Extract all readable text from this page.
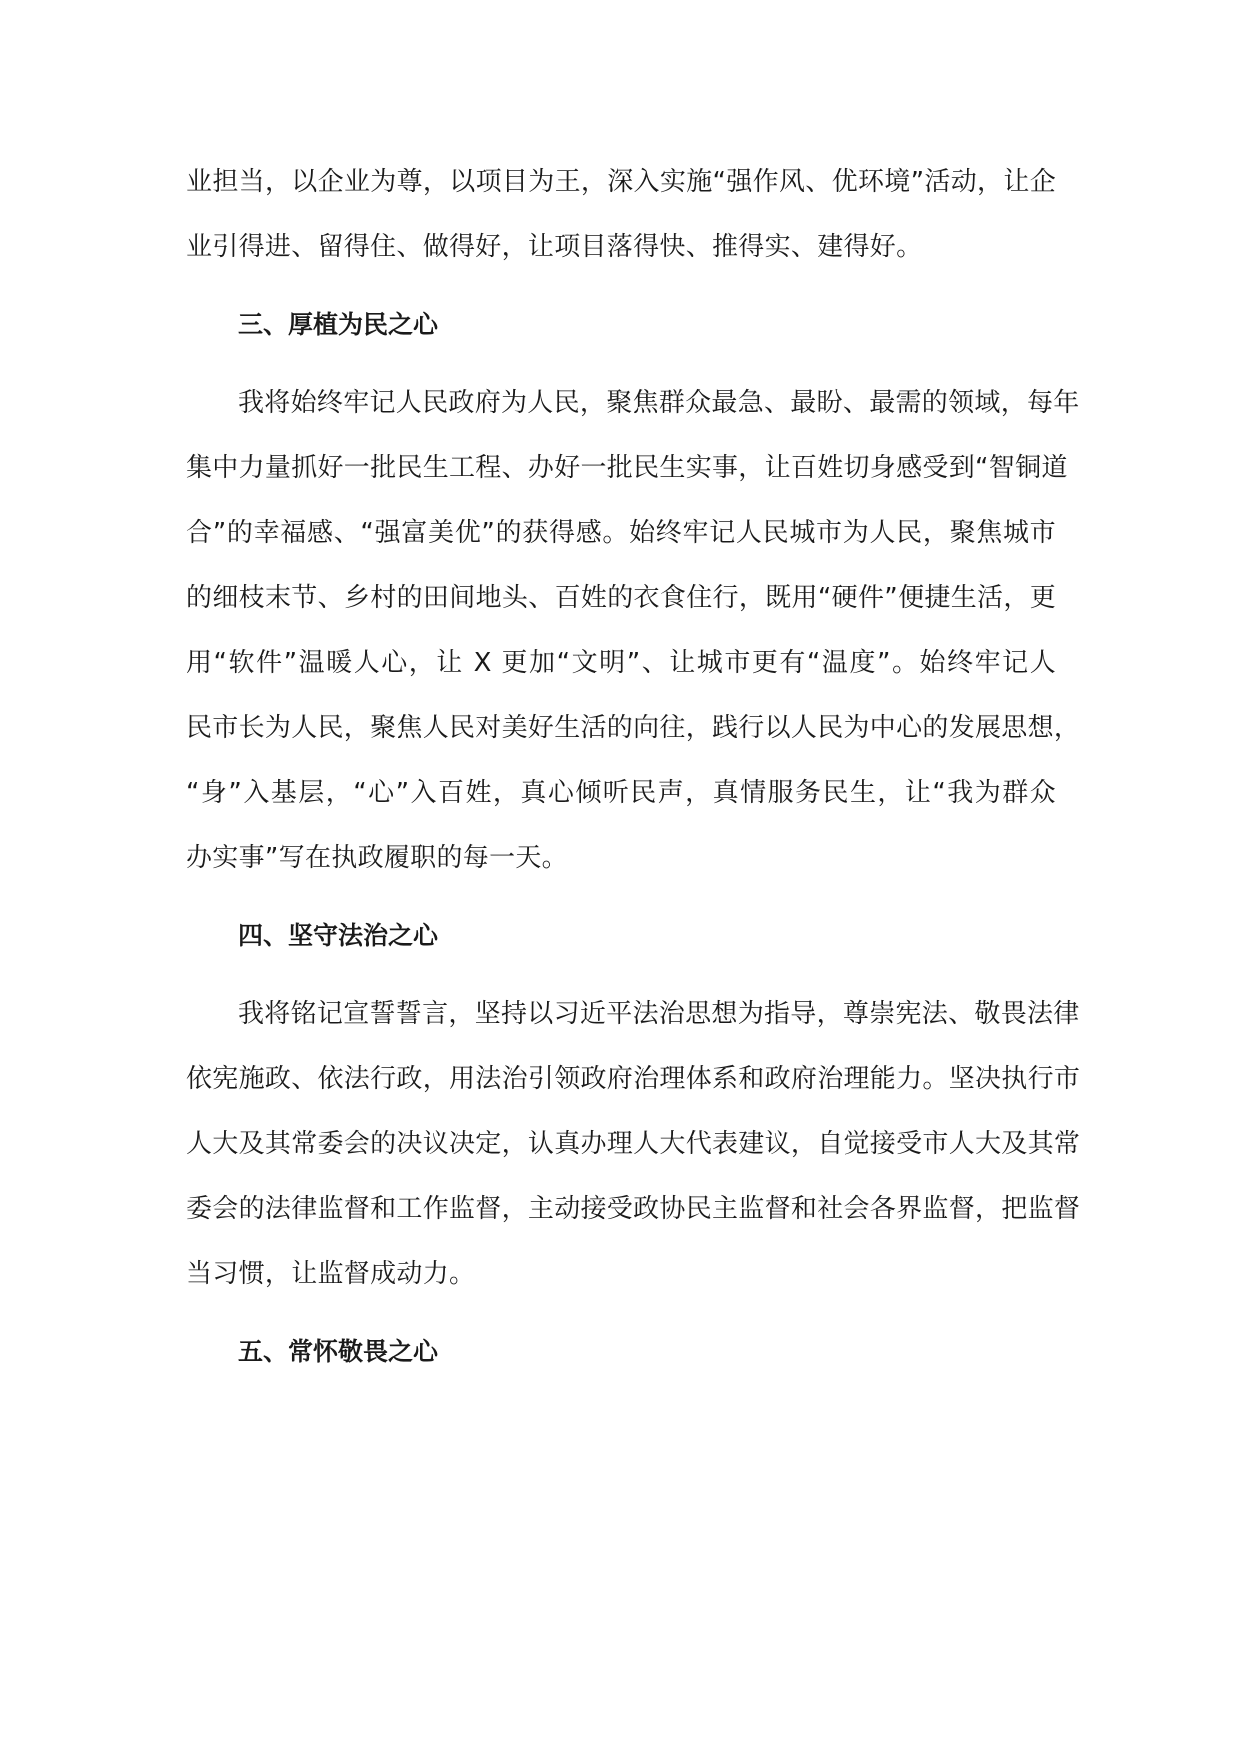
业担当，以企业为尊，以项目为王，深入实施“强作风、优环境”活动，让企
业引得进、留得住、做得好，让项目落得快、推得实、建得好。
三、厚植为民之心
我将始终牢记人民政府为人民，聚焦群众最急、最盼、最需的领域，每年
集中力量抓好一批民生工程、办好一批民生实事，让百姓切身感受到“智铜道
合”的幸福感、“强富美优”的获得感。始终牢记人民城市为人民，聚焦城市
的细枝末节、乡村的田间地头、百姓的衣食住行，既用“硬件”便捷生活，更
用“软件”温暖人心，让 X 更加“文明”、让城市更有“温度”。始终牢记人
民市长为人民，聚焦人民对美好生活的向往，践行以人民为中心的发展思想，
“身”入基层，“心”入百姓，真心倾听民声，真情服务民生，让“我为群众
办实事”写在执政履职的每一天。
四、坚守法治之心
我将铭记宣誓誓言，坚持以习近平法治思想为指导，尊崇宪法、敬畏法律
依宪施政、依法行政，用法治引领政府治理体系和政府治理能力。坚决执行市
人大及其常委会的决议决定，认真办理人大代表建议，自觉接受市人大及其常
委会的法律监督和工作监督，主动接受政协民主监督和社会各界监督，把监督
当习惯，让监督成动力。
五、常怀敬畏之心
